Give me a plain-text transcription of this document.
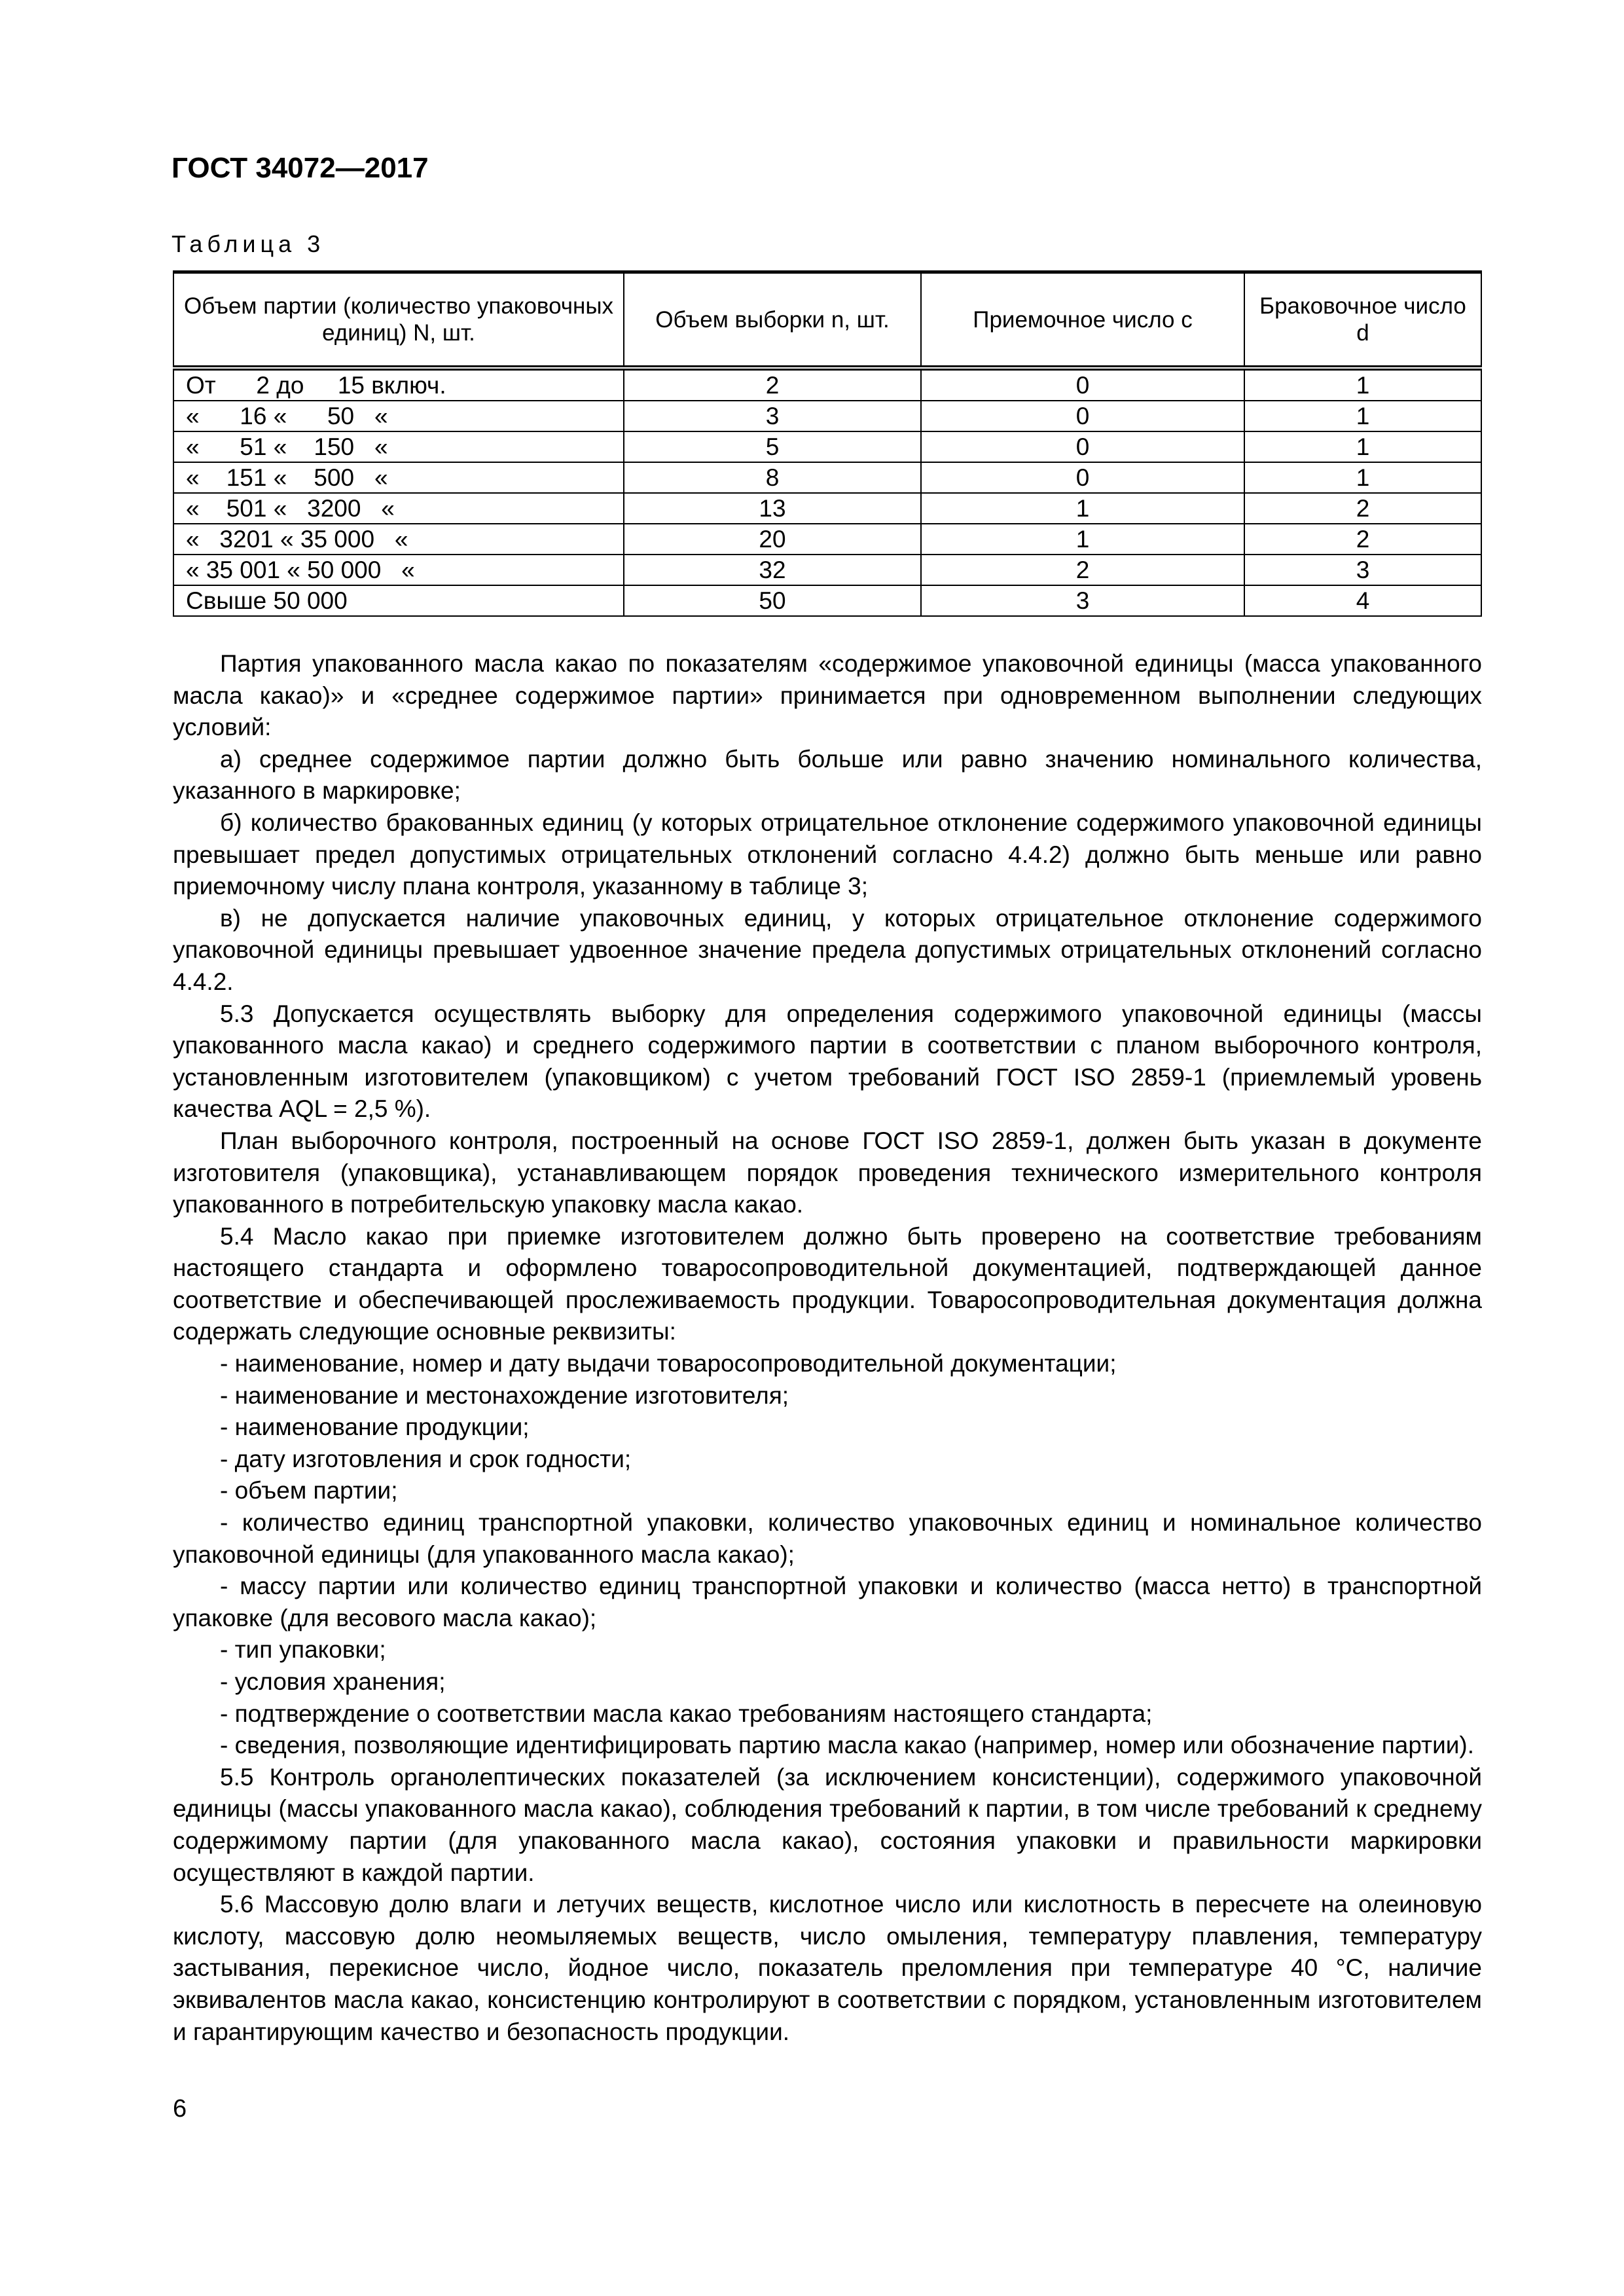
ГОСТ 34072—2017
Таблица 3
Объем партии (количество упаковочных единиц) N, шт.	Объем выборки n, шт.	Приемочное число c	Браковочное число d
От      2 до     15 включ.	2	0	1
«      16 «      50   «	3	0	1
«      51 «    150   «	5	0	1
«    151 «    500   «	8	0	1
«    501 «   3200   «	13	1	2
«   3201 « 35 000   «	20	1	2
« 35 001 « 50 000   «	32	2	3
Свыше 50 000	50	3	4

Партия упакованного масла какао по показателям «содержимое упаковочной единицы (масса упакованного масла какао)» и «среднее содержимое партии» принимается при одновременном выполнении следующих условий:

а) среднее содержимое партии должно быть больше или равно значению номинального количества, указанного в маркировке;

б) количество бракованных единиц (у которых отрицательное отклонение содержимого упаковочной единицы превышает предел допустимых отрицательных отклонений согласно 4.4.2) должно быть меньше или равно приемочному числу плана контроля, указанному в таблице 3;

в) не допускается наличие упаковочных единиц, у которых отрицательное отклонение содержимого упаковочной единицы превышает удвоенное значение предела допустимых отрицательных отклонений согласно 4.4.2.

5.3 Допускается осуществлять выборку для определения содержимого упаковочной единицы (массы упакованного масла какао) и среднего содержимого партии в соответствии с планом выборочного контроля, установленным изготовителем (упаковщиком) с учетом требований ГОСТ ISO 2859-1 (приемлемый уровень качества AQL = 2,5 %).

План выборочного контроля, построенный на основе ГОСТ ISO 2859-1, должен быть указан в документе изготовителя (упаковщика), устанавливающем порядок проведения технического измерительного контроля упакованного в потребительскую упаковку масла какао.

5.4 Масло какао при приемке изготовителем должно быть проверено на соответствие требованиям настоящего стандарта и оформлено товаросопроводительной документацией, подтверждающей данное соответствие и обеспечивающей прослеживаемость продукции. Товаросопроводительная документация должна содержать следующие основные реквизиты:

- наименование, номер и дату выдачи товаросопроводительной документации;

- наименование и местонахождение изготовителя;

- наименование продукции;

- дату изготовления и срок годности;

- объем партии;

- количество единиц транспортной упаковки, количество упаковочных единиц и номинальное количество упаковочной единицы (для упакованного масла какао);

- массу партии или количество единиц транспортной упаковки и количество (масса нетто) в транспортной упаковке (для весового масла какао);

- тип упаковки;

- условия хранения;

- подтверждение о соответствии масла какао требованиям настоящего стандарта;

- сведения, позволяющие идентифицировать партию масла какао (например, номер или обозначение партии).

5.5 Контроль органолептических показателей (за исключением консистенции), содержимого упаковочной единицы (массы упакованного масла какао), соблюдения требований к партии, в том числе требований к среднему содержимому партии (для упакованного масла какао), состояния упаковки и правильности маркировки осуществляют в каждой партии.

5.6 Массовую долю влаги и летучих веществ, кислотное число или кислотность в пересчете на олеиновую кислоту, массовую долю неомыляемых веществ, число омыления, температуру плавления, температуру застывания, перекисное число, йодное число, показатель преломления при температуре 40 °С, наличие эквивалентов масла какао, консистенцию контролируют в соответствии с порядком, установленным изготовителем и гарантирующим качество и безопасность продукции.

6
